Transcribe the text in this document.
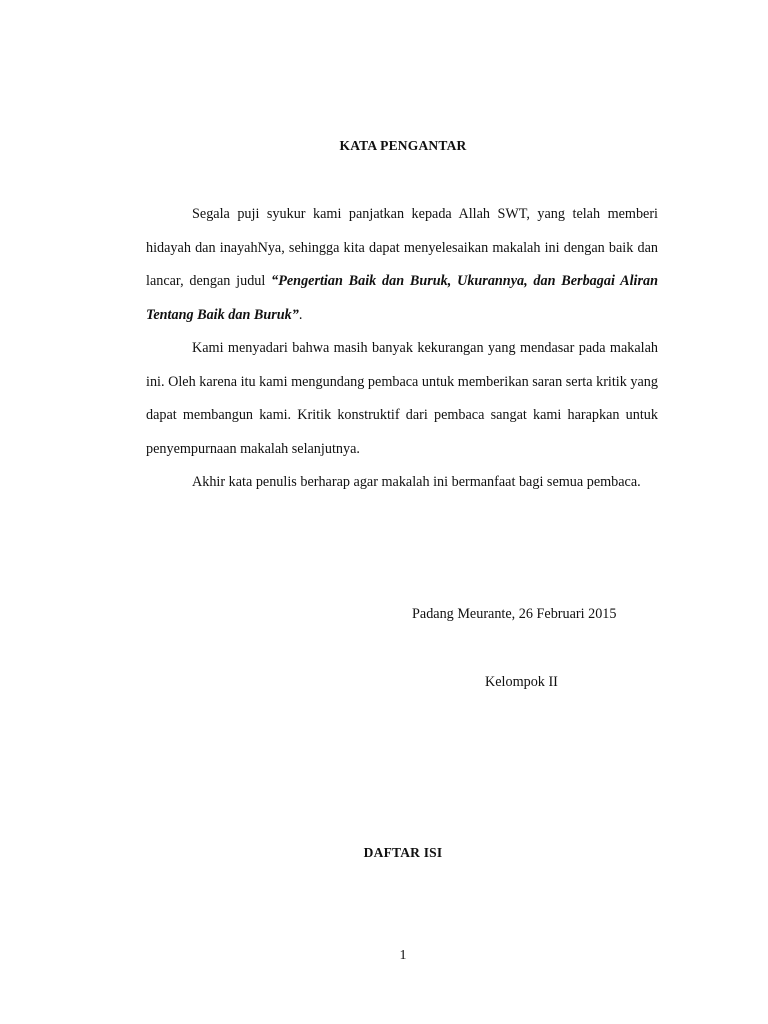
KATA PENGANTAR

Segala puji syukur kami panjatkan kepada Allah SWT, yang telah memberi hidayah dan inayahNya, sehingga kita dapat menyelesaikan makalah ini dengan baik dan lancar, dengan judul “Pengertian Baik dan Buruk, Ukurannya, dan Berbagai Aliran Tentang Baik dan Buruk”.

Kami menyadari bahwa masih banyak kekurangan yang mendasar pada makalah ini. Oleh karena itu kami mengundang pembaca untuk memberikan saran serta kritik yang dapat membangun kami. Kritik konstruktif dari pembaca sangat kami harapkan untuk penyempurnaan makalah selanjutnya.

Akhir kata penulis berharap agar makalah ini bermanfaat bagi semua pembaca.

Padang Meurante, 26 Februari 2015
Kelompok II
DAFTAR ISI
1
